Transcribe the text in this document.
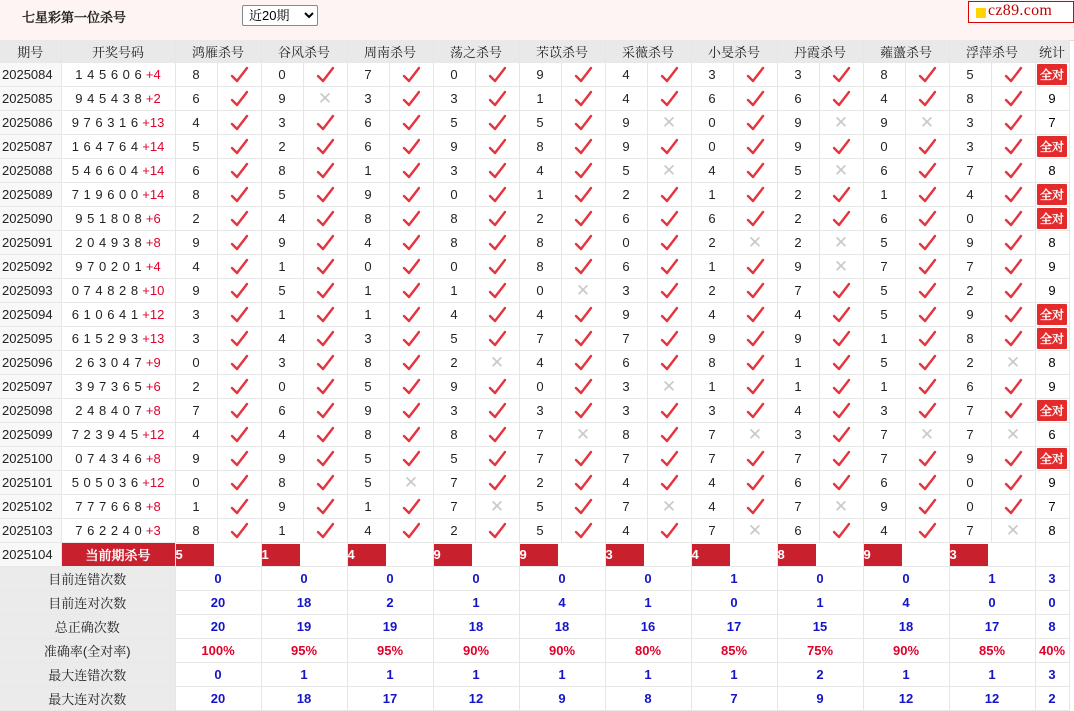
七星彩第一位杀号
近20期	cz89.com
期号	开奖号码	鸿雁杀号		谷风杀号		周南杀号		荡之杀号		芣苡杀号		采薇杀号		小旻杀号		丹霞杀号		蕹蘯杀号		浮萍杀号		统计
2025084	1 4 5 6 0 6 +4	8		0		7		0		9		4		3		3		8		5		全对
2025085	9 4 5 4 3 8 +2	6		9	✕	3		3		1		4		6		6		4		8		9
2025086	9 7 6 3 1 6 +13	4		3		6		5		5		9	✕	0		9	✕	9	✕	3		7
2025087	1 6 4 7 6 4 +14	5		2		6		9		8		9		0		9		0		3		全对
2025088	5 4 6 6 0 4 +14	6		8		1		3		4		5	✕	4		5	✕	6		7		8
2025089	7 1 9 6 0 0 +14	8		5		9		0		1		2		1		2		1		4		全对
2025090	9 5 1 8 0 8 +6	2		4		8		8		2		6		6		2		6		0		全对
2025091	2 0 4 9 3 8 +8	9		9		4		8		8		0		2	✕	2	✕	5		9		8
2025092	9 7 0 2 0 1 +4	4		1		0		0		8		6		1		9	✕	7		7		9
2025093	0 7 4 8 2 8 +10	9		5		1		1		0	✕	3		2		7		5		2		9
2025094	6 1 0 6 4 1 +12	3		1		1		4		4		9		4		4		5		9		全对
2025095	6 1 5 2 9 3 +13	3		4		3		5		7		7		9		9		1		8		全对
2025096	2 6 3 0 4 7 +9	0		3		8		2	✕	4		6		8		1		5		2	✕	8
2025097	3 9 7 3 6 5 +6	2		0		5		9		0		3	✕	1		1		1		6		9
2025098	2 4 8 4 0 7 +8	7		6		9		3		3		3		3		4		3		7		全对
2025099	7 2 3 9 4 5 +12	4		4		8		8		7	✕	8		7	✕	3		7	✕	7	✕	6
2025100	0 7 4 3 4 6 +8	9		9		5		5		7		7		7		7		7		9		全对
2025101	5 0 5 0 3 6 +12	0		8		5	✕	7		2		4		4		6		6		0		9
2025102	7 7 7 6 6 8 +8	1		9		1		7	✕	5		7	✕	4		7	✕	9		0		7
2025103	7 6 2 2 4 0 +3	8		1		4		2		5		4		7	✕	6		4		7	✕	8
2025104	当前期杀号	5		1		4		9		9		3		4		8		9		3		
目前连错次数		0		0		0		0		0		0		1		0		0		1		3
目前连对次数		20		18		2		1		4		1		0		1		4		0		0
总正确次数		20		19		19		18		18		16		17		15		18		17		8
准确率(全对率)		100%		95%		95%		90%		90%		80%		85%		75%		90%		85%		40%
最大连错次数		0		1		1		1		1		1		1		2		1		1		3
最大连对次数		20		18		17		12		9		8		7		9		12		12		2
